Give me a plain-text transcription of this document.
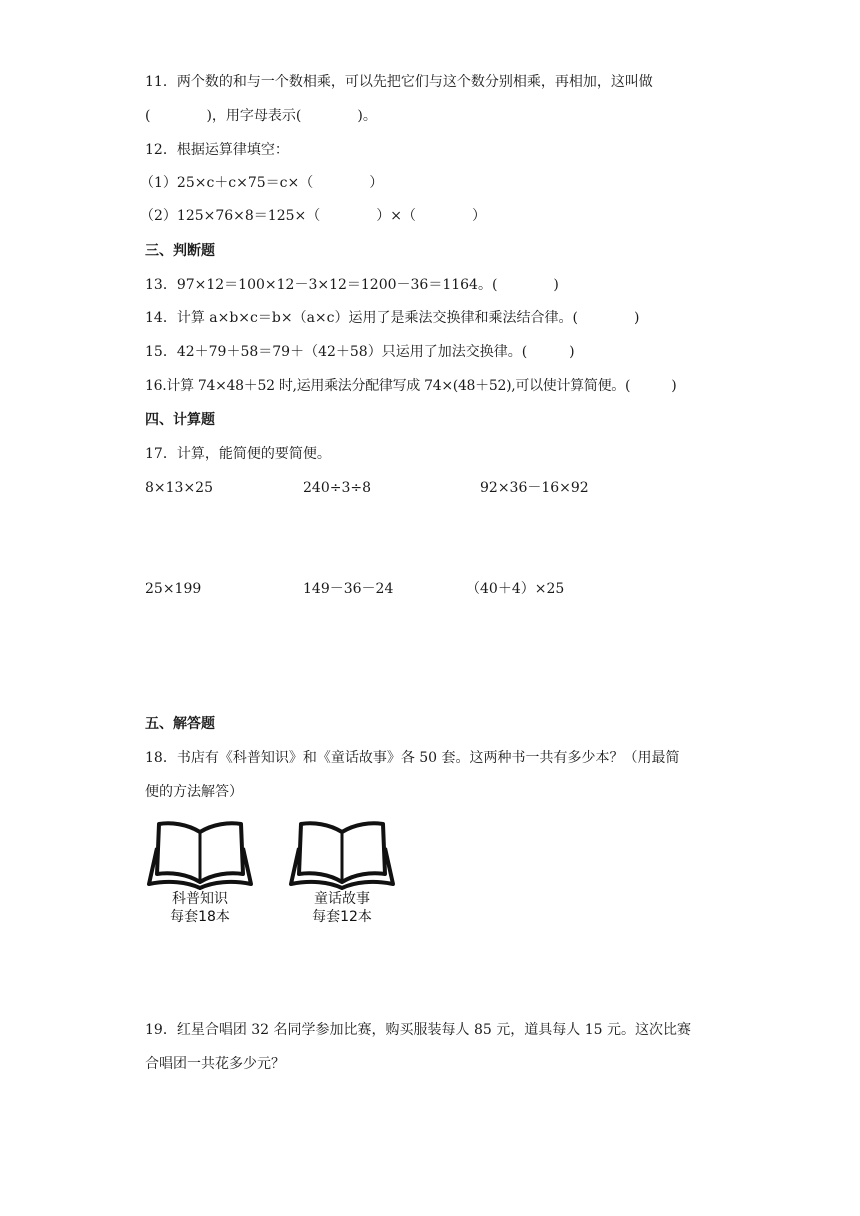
11．两个数的和与一个数相乘，可以先把它们与这个数分别相乘，再相加，这叫做
(　　　　)，用字母表示(　　　　)。
12．根据运算律填空：
（1）25×c＋c×75＝c×（　　　　）
（2）125×76×8＝125×（　　　　）×（　　　　）
三、判断题
13．97×12＝100×12－3×12＝1200－36＝1164。(　　　　)
14．计算 a×b×c＝b×（a×c）运用了是乘法交换律和乘法结合律。(　　　　)
15．42＋79＋58＝79＋（42＋58）只运用了加法交换律。(　　　)
16.计算 74×48＋52 时,运用乘法分配律写成 74×(48＋52),可以使计算简便。(　　　)
四、计算题
17．计算，能简便的要简便。
8×13×25	240÷3÷8	92×36－16×92
25×199	149－36－24	（40＋4）×25
五、解答题
18．书店有《科普知识》和《童话故事》各 50 套。这两种书一共有多少本？（用最简
便的方法解答）
科普知识
每套18本
童话故事
每套12本
19．红星合唱团 32 名同学参加比赛，购买服装每人 85 元，道具每人 15 元。这次比赛
合唱团一共花多少元？
